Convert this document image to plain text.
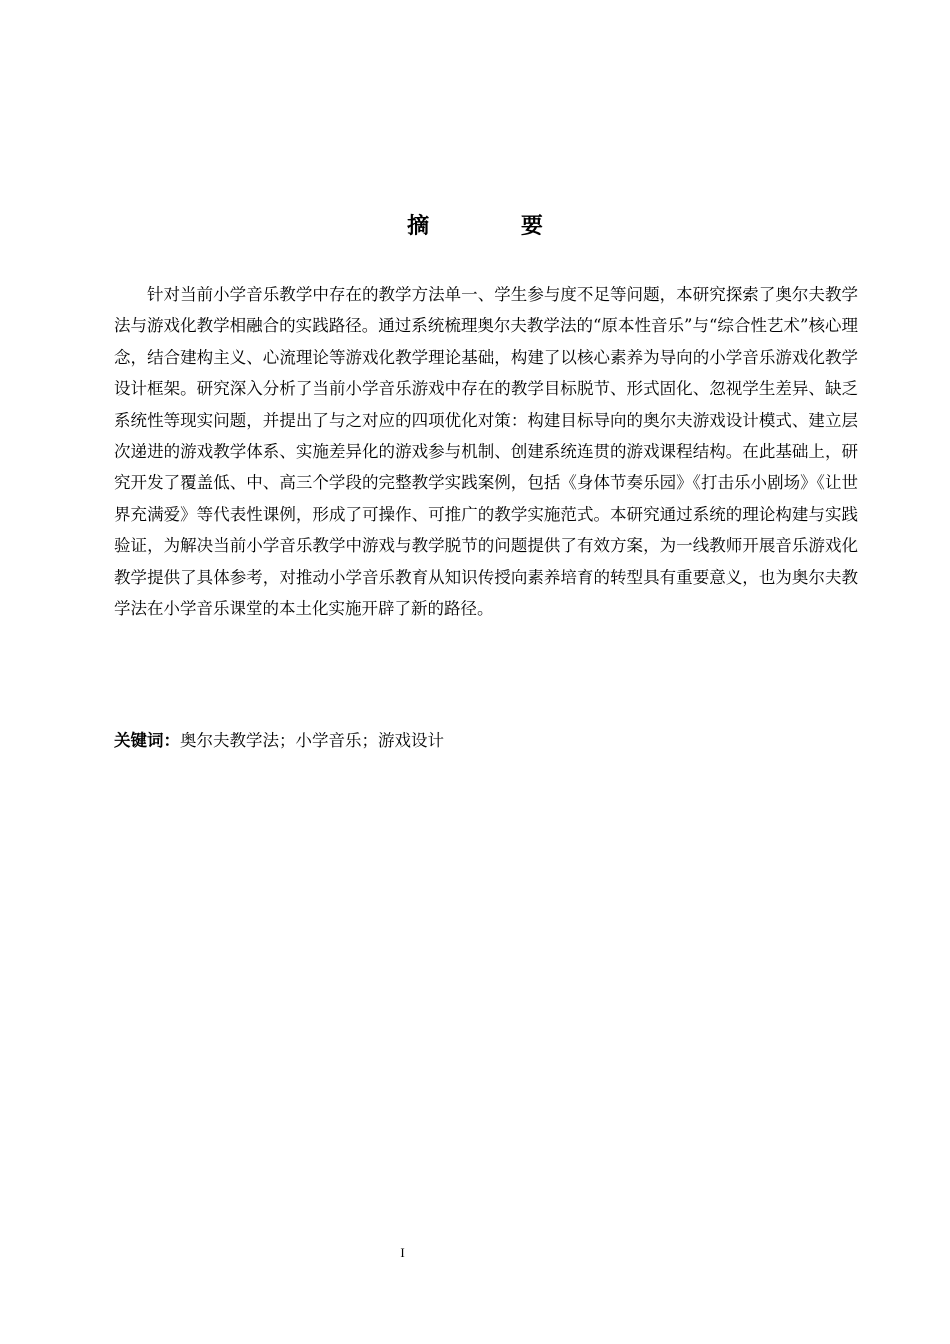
摘 要

针对当前小学音乐教学中存在的教学方法单一、学生参与度不足等问题，本研究探索了奥尔夫教学法与游戏化教学相融合的实践路径。通过系统梳理奥尔夫教学法的“原本性音乐”与“综合性艺术”核心理念，结合建构主义、心流理论等游戏化教学理论基础，构建了以核心素养为导向的小学音乐游戏化教学设计框架。研究深入分析了当前小学音乐游戏中存在的教学目标脱节、形式固化、忽视学生差异、缺乏系统性等现实问题，并提出了与之对应的四项优化对策：构建目标导向的奥尔夫游戏设计模式、建立层次递进的游戏教学体系、实施差异化的游戏参与机制、创建系统连贯的游戏课程结构。在此基础上，研究开发了覆盖低、中、高三个学段的完整教学实践案例，包括《身体节奏乐园》《打击乐小剧场》《让世界充满爱》等代表性课例，形成了可操作、可推广的教学实施范式。本研究通过系统的理论构建与实践验证，为解决当前小学音乐教学中游戏与教学脱节的问题提供了有效方案，为一线教师开展音乐游戏化教学提供了具体参考，对推动小学音乐教育从知识传授向素养培育的转型具有重要意义，也为奥尔夫教学法在小学音乐课堂的本土化实施开辟了新的路径。

关键词：奥尔夫教学法；小学音乐；游戏设计

I
